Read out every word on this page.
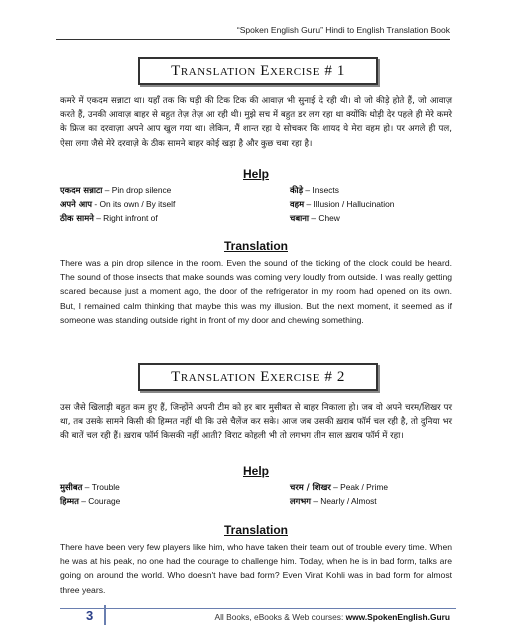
“Spoken English Guru” Hindi to English Translation Book
Translation Exercise # 1
कमरे में एकदम सन्नाटा था। यहाँ तक कि घड़ी की टिक टिक की आवाज़ भी सुनाई दे रही थी। वो जो कीड़े होते हैं, जो आवाज़ करते हैं, उनकी आवाज़ बाहर से बहुत तेज़ तेज़ आ रही थी। मुझे सच में बहुत डर लग रहा था क्योंकि थोड़ी देर पहले ही मेरे कमरे के फ्रिज का दरवाज़ा अपने आप खुल गया था। लेकिन, मैं शान्त रहा ये सोचकर कि शायद ये मेरा वहम हो। पर अगले ही पल, ऐसा लगा जैसे मेरे दरवाज़े के ठीक सामने बाहर कोई खड़ा है और कुछ चबा रहा है।
Help
एकदम सन्नाटा – Pin drop silence	कीड़े – Insects
अपने आप - On its own / By itself	वहम – Illusion / Hallucination
ठीक सामने – Right infront of	चबाना – Chew
Translation
There was a pin drop silence in the room. Even the sound of the ticking of the clock could be heard. The sound of those insects that make sounds was coming very loudly from outside. I was really getting scared because just a moment ago, the door of the refrigerator in my room had opened on its own. But, I remained calm thinking that maybe this was my illusion. But the next moment, it seemed as if someone was standing outside right in front of my door and chewing something.
Translation Exercise # 2
उस जैसे खिलाड़ी बहुत कम हुए हैं, जिन्होंने अपनी टीम को हर बार मुसीबत से बाहर निकाला हो। जब वो अपने चरम/शिखर पर था, तब उसके सामने किसी की हिम्मत नहीं थी कि उसे चैलेंज कर सके। आज जब उसकी ख़राब फॉर्म चल रही है, तो दुनिया भर की बातें चल रही हैं। ख़राब फॉर्म किसकी नहीं आती? विराट कोहली भी तो लगभग तीन साल ख़राब फॉर्म में रहा।
Help
मुसीबत – Trouble	चरम / शिखर – Peak / Prime
हिम्मत – Courage	लगभग – Nearly / Almost
Translation
There have been very few players like him, who have taken their team out of trouble every time. When he was at his peak, no one had the courage to challenge him. Today, when he is in bad form, talks are going on around the world. Who doesn't have bad form? Even Virat Kohli was in bad form for almost three years.
3	All Books, eBooks & Web courses: www.SpokenEnglish.Guru
